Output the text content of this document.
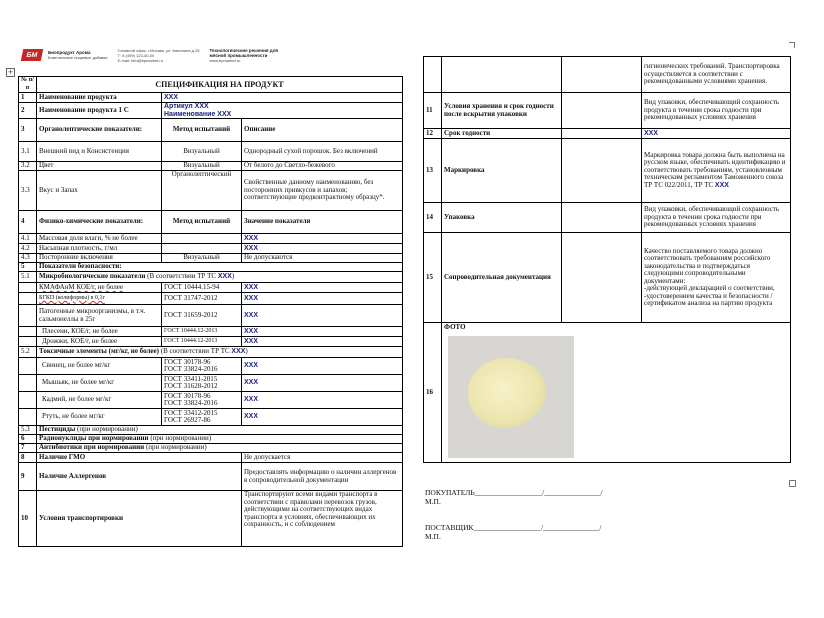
БМ Биопродукт Арома
Комплексные пищевые добавки
Головной офис: г.Москва, ул. Калинина д.25
Т: 8 (499) 123-40-00
E-mail: info@bpmarket.ru
Технологические решения для
мясной промышленности
www.bpmarket.ru
+
№ п/п	СПЕЦИФИКАЦИЯ НА ПРОДУКТ		
1	Наименование продукта	XXX	
2	Наименование продукта 1 С	Артикул XXX
Наименование XXX	

3	Органолептические показатели:	Метод испытаний	Описание
3.1	Внешний вид и Консистенция	Визуальный	Однородный сухой порошок. Без включений
3.2	Цвет	Визуальный	От белого до Светло-бежевого
3.3	Вкус и Запах	Органолептический	Свойственные данному наименованию, без посторонних привкусов и запахов; соответствующие предконтрактному образцу*.
4	Физико-химические показатели:	Метод испытаний	Значение показателя
4.1	Массовая доля влаги, % не более		XXX
4.2	Насыпная плотность, г/мл		XXX
4.3	Посторонние включения	Визуальный	Не допускаются
5	Показатели безопасности:		
5.1	Микробиологические показатели (В соответствии ТР ТС XXX)		
	КМАФАнМ КОЕ/г, не более	ГОСТ 10444.15-94	XXX
	БГКП (колиформы) в 0,1г	ГОСТ 31747-2012	XXX
	Патогенные микроорганизмы, в т.ч. сальмонеллы в 25г	ГОСТ 31659-2012	XXX
	Плесени, КОЕ/г, не более	ГОСТ 10444.12-2013	XXX
	Дрожжи, КОЕ/г, не более	ГОСТ 10444.12-2013	XXX
5.2	Токсичные элементы (мг/кг, не более) (В соответствии ТР ТС XXX)		
	Свинец, не более мг/кг	ГОСТ 30178-96
ГОСТ 33824-2016	XXX
	Мышьяк, не более мг/кг	ГОСТ 33411-2015
ГОСТ 31628-2012	XXX
	Кадмий, не более мг/кг	ГОСТ 30178-96
ГОСТ 33824-2016	XXX
	Ртуть, не более мг/кг	ГОСТ 33412-2015
ГОСТ 26927-86	XXX
5.3	Пестициды (при нормировании)		
6	Радионуклиды при нормировании (при нормировании)		
7	Антибиотики при нормировании (при нормировании)		
8	Наличие ГМО		Не допускается
9	Наличие Аллергенов		Предоставлять информацию о наличии аллергенов в сопроводительной документации
10	Условия транспортировки		Транспортируют всеми видами транспорта в соответствии с правилами перевозок грузов, действующими на соответствующих видах транспорта в условиях, обеспечивающих их сохранность, и с соблюдением
			гигиенических требований. Транспортировка осуществляется в соответствии с рекомендованными условиями хранения.
11	Условия хранения и срок годности после вскрытия упаковки		Вид упаковки, обеспечивающий сохранность продукта в течении срока годности при рекомендованных условиях хранения
12	Срок годности		XXX
13	Маркировка		Маркировка товара должна быть выполнена на русском языке, обеспечивать идентификацию и соответствовать требованиям, установленным техническим регламентом Таможенного союза ТР ТС 022/2011, ТР ТС XXX
14	Упаковка		Вид упаковки, обеспечивающий сохранность продукта в течении срока годности при рекомендованных условиях хранения
15	Сопроводительная документация		Качество поставляемого товара должно соответствовать требованиям российского законодательства и подтверждаться следующими сопроводительными документами:
-действующей декларацией о соответствии,
-удостоверением качества и безопасности / сертификатом анализа на партию продукта

16	ФОТО		
ПОКУПАТЕЛЬ__________________/_______________/
М.П.
ПОСТАВЩИК__________________/_______________/
М.П.
